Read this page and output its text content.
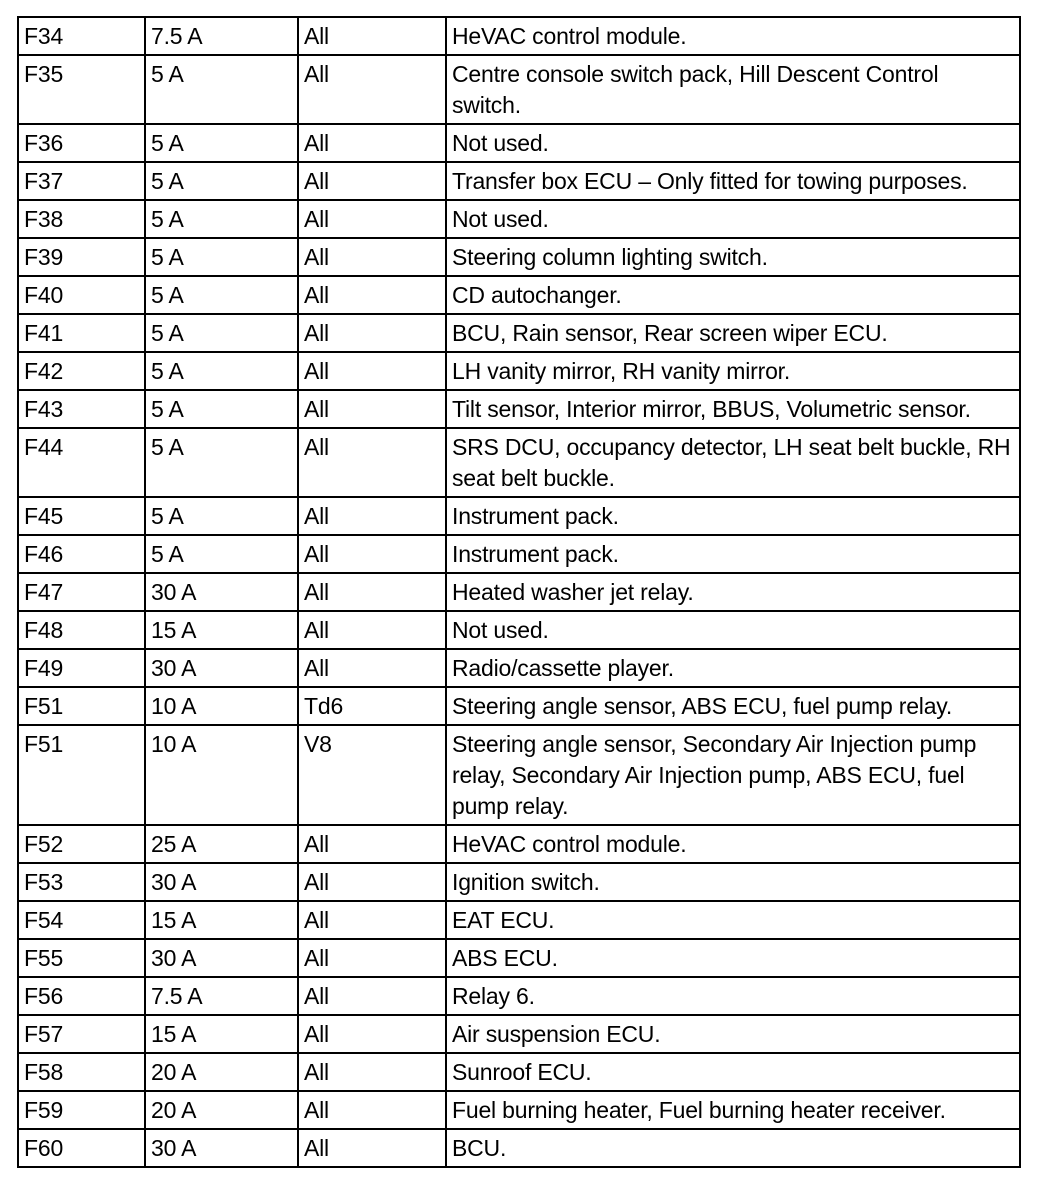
F34	7.5 A	All	HeVAC control module.
F35	5 A	All	Centre console switch pack, Hill Descent Control switch.
F36	5 A	All	Not used.
F37	5 A	All	Transfer box ECU – Only fitted for towing purposes.
F38	5 A	All	Not used.
F39	5 A	All	Steering column lighting switch.
F40	5 A	All	CD autochanger.
F41	5 A	All	BCU, Rain sensor, Rear screen wiper ECU.
F42	5 A	All	LH vanity mirror, RH vanity mirror.
F43	5 A	All	Tilt sensor, Interior mirror, BBUS, Volumetric sensor.
F44	5 A	All	SRS DCU, occupancy detector, LH seat belt buckle, RH seat belt buckle.
F45	5 A	All	Instrument pack.
F46	5 A	All	Instrument pack.
F47	30 A	All	Heated washer jet relay.
F48	15 A	All	Not used.
F49	30 A	All	Radio/cassette player.
F51	10 A	Td6	Steering angle sensor, ABS ECU, fuel pump relay.
F51	10 A	V8	Steering angle sensor, Secondary Air Injection pump relay, Secondary Air Injection pump, ABS ECU, fuel pump relay.
F52	25 A	All	HeVAC control module.
F53	30 A	All	Ignition switch.
F54	15 A	All	EAT ECU.
F55	30 A	All	ABS ECU.
F56	7.5 A	All	Relay 6.
F57	15 A	All	Air suspension ECU.
F58	20 A	All	Sunroof ECU.
F59	20 A	All	Fuel burning heater, Fuel burning heater receiver.
F60	30 A	All	BCU.
